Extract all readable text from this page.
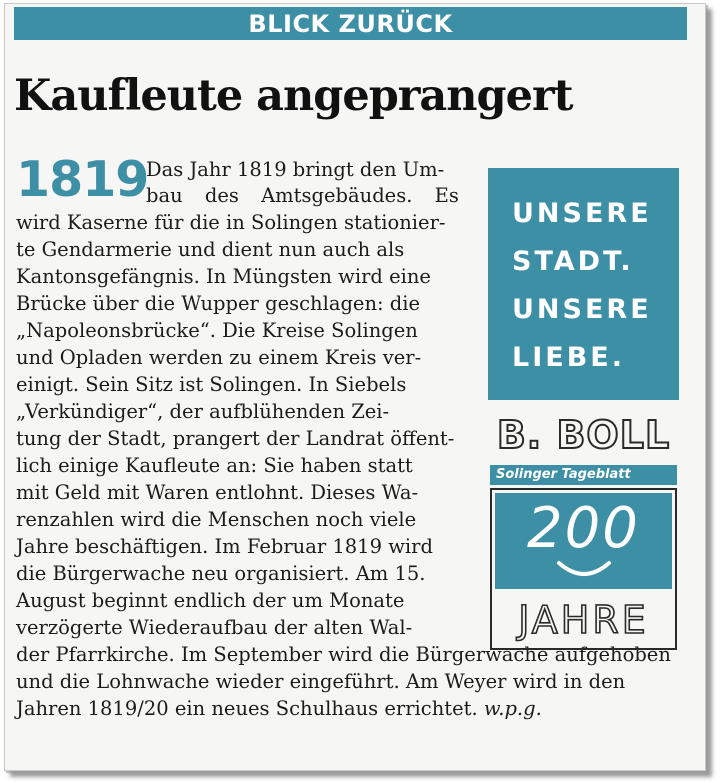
BLICK ZURÜCK
Kaufleute angeprangert
1819
Das Jahr 1819 bringt den Um-
bau des Amtsgebäudes. Es
wird Kaserne für die in Solingen stationier-
te Gendarmerie und dient nun auch als
Kantonsgefängnis. In Müngsten wird eine
Brücke über die Wupper geschlagen: die
„Napoleonsbrücke“. Die Kreise Solingen
und Opladen werden zu einem Kreis ver-
einigt. Sein Sitz ist Solingen. In Siebels
„Verkündiger“, der aufblühenden Zei-
tung der Stadt, prangert der Landrat öffent-
lich einige Kaufleute an: Sie haben statt
mit Geld mit Waren entlohnt. Dieses Wa-
renzahlen wird die Menschen noch viele
Jahre beschäftigen. Im Februar 1819 wird
die Bürgerwache neu organisiert. Am 15.
August beginnt endlich der um Monate
verzögerte Wiederaufbau der alten Wal-
der Pfarrkirche. Im September wird die Bürgerwache aufgehoben
und die Lohnwache wieder eingeführt. Am Weyer wird in den
Jahren 1819/20 ein neues Schulhaus errichtet. w.p.g.
UNSERE
STADT.
UNSERE
LIEBE.
B. BOLL
Solinger Tageblatt
200
JAHRE
